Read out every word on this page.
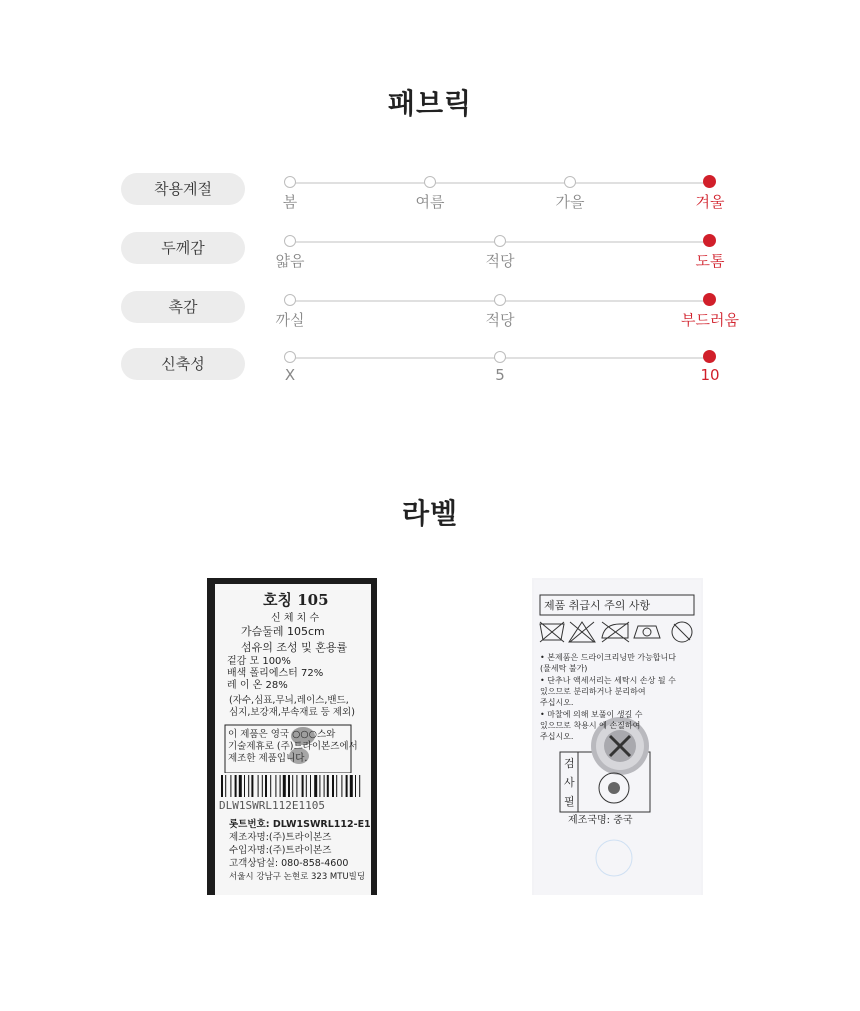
패브릭
착용계절
봄	여름	가을	겨울
두께감
얇음	적당	도톰
촉감
까실	적당	부드러움
신축성
X	5	10
라벨
호칭 105
신 체 치 수
가슴둘레 105cm
섬유의 조성 및 혼용률
겉감 모 100%
배색 폴리에스터 72%
레 이 온 28%
(자수,심표,무늬,레이스,밴드,
심지,보강재,부속재료 등 제외)
이 제품은 영국 ○○○스와
기술제휴로 (주)트라이본즈에서
제조한 제품입니다.
DLW1SWRL112E1105
롯트번호: DLW1SWRL112-E1
제조자명:(주)트라이본즈
수입자명:(주)트라이본즈
고객상담실: 080-858-4600
서울시 강남구 논현로 323 MTU빌딩
제품 취급시 주의 사항
• 본제품은 드라이크리닝만 가능합니다
(물세탁 불가)
• 단추나 액세서리는 세탁시 손상 될 수
있으므로 분리하거나 분리하여
주십시오.
• 마찰에 의해 보풀이 생길 수
있으므로 착용시 에 손질하여
주십시오.
검
사
필
제조국명: 중국
